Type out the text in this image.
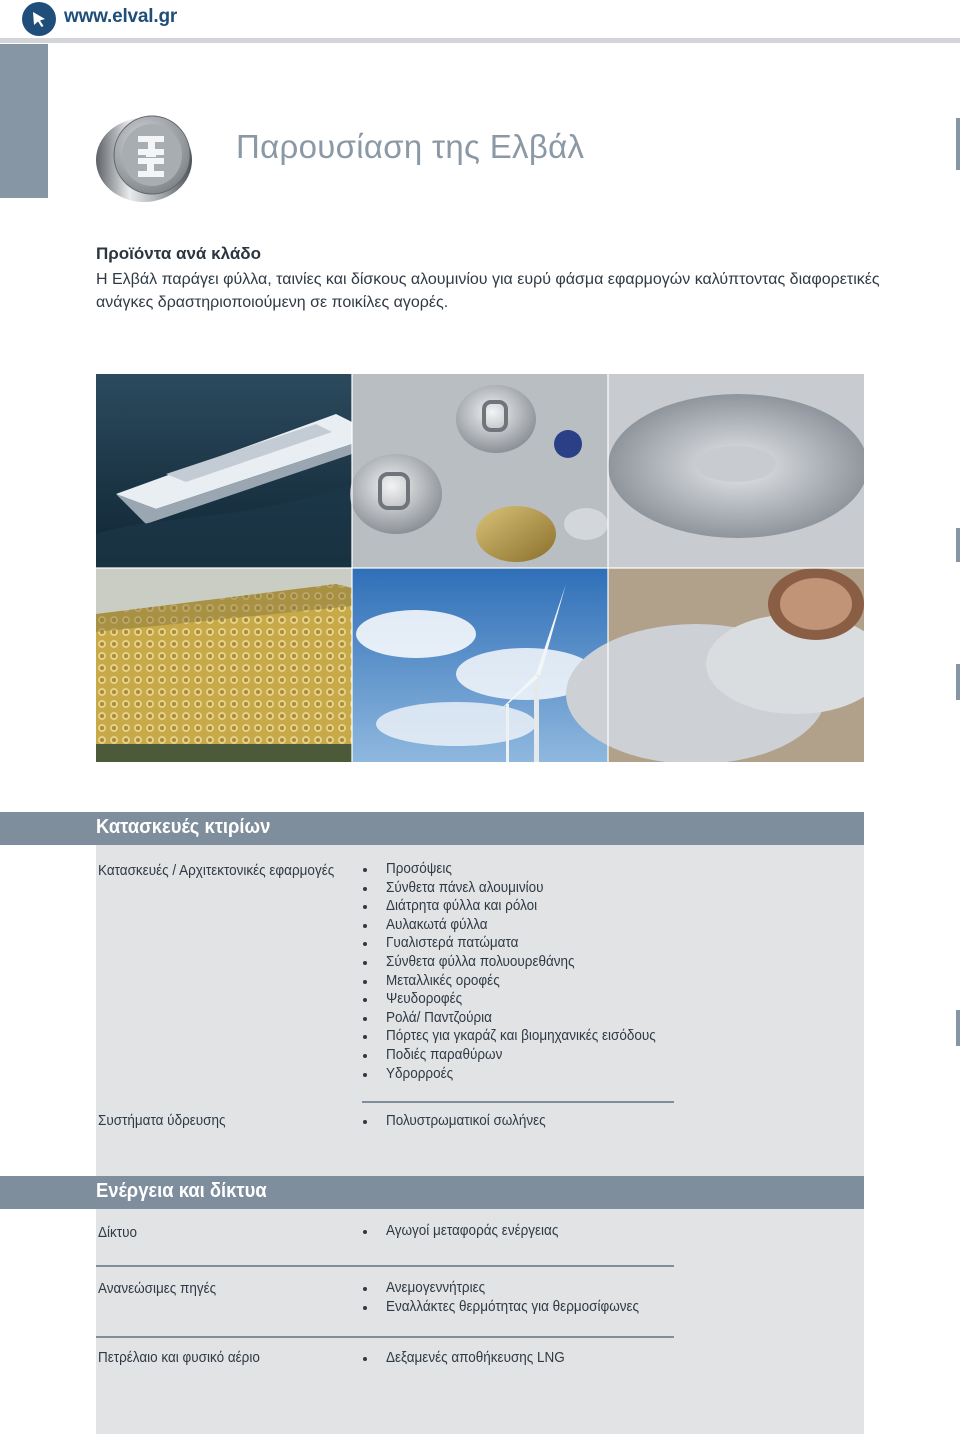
www.elval.gr
Παρουσίαση της Ελβάλ
Προϊόντα ανά κλάδο
Η Ελβάλ παράγει φύλλα, ταινίες και δίσκους αλουμινίου για ευρύ φάσμα εφαρμογών καλύπτοντας διαφορετικές ανάγκες δραστηριοποιούμενη σε ποικίλες αγορές.
Κατασκευές κτιρίων
Κατασκευές / Αρχιτεκτονικές εφαρμογές	Προσόψεις
Σύνθετα πάνελ αλουμινίου
Διάτρητα φύλλα και ρόλοι
Αυλακωτά φύλλα
Γυαλιστερά πατώματα
Σύνθετα φύλλα πολυουρεθάνης
Μεταλλικές οροφές
Ψευδοροφές
Ρολά/ Παντζούρια
Πόρτες για γκαράζ και βιομηχανικές εισόδους
Ποδιές παραθύρων
Υδρορροές
Συστήματα ύδρευσης	Πολυστρωματικοί σωλήνες
Ενέργεια και δίκτυα
Δίκτυο	Αγωγοί μεταφοράς ενέργειας
Ανανεώσιμες πηγές	Ανεμογεννήτριες
Εναλλάκτες θερμότητας για θερμοσίφωνες
Πετρέλαιο και φυσικό αέριο	Δεξαμενές αποθήκευσης LNG
